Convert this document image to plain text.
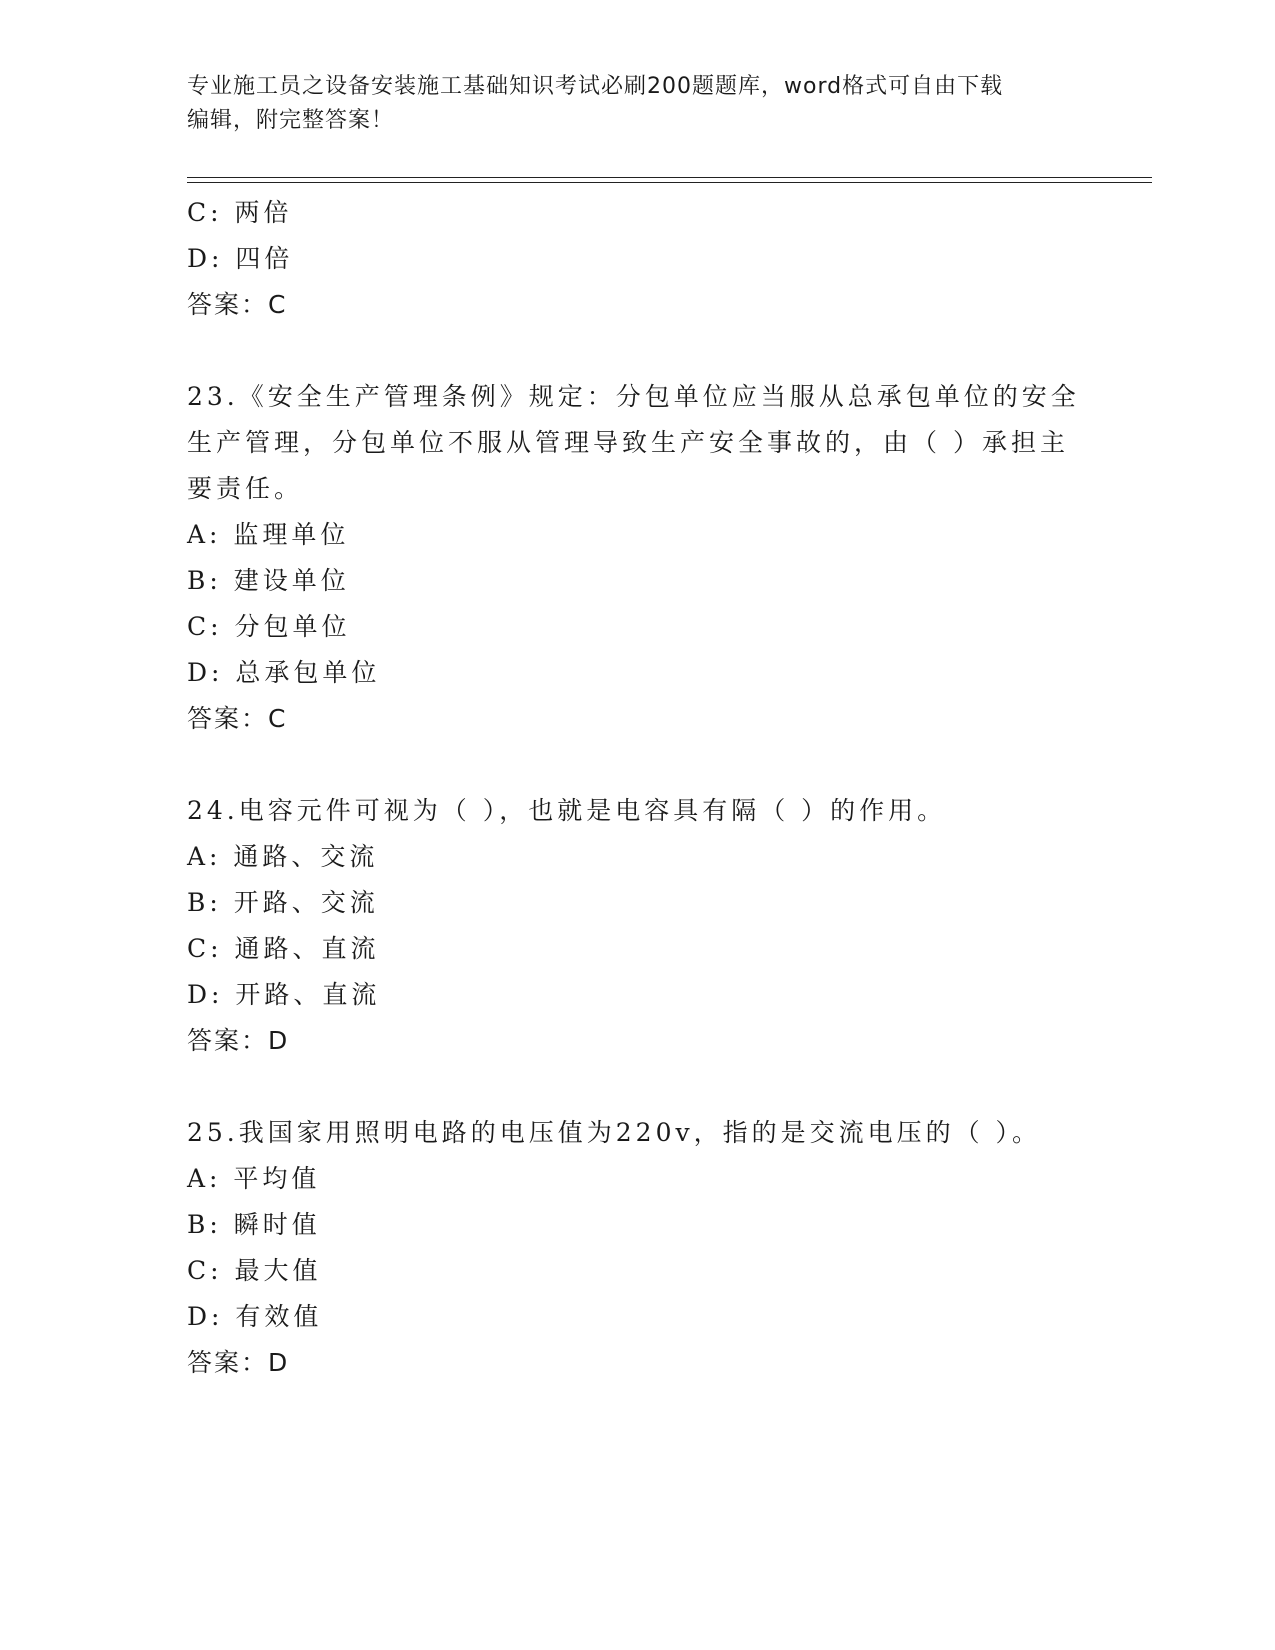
专业施工员之设备安装施工基础知识考试必刷200题题库，word格式可自由下载
编辑，附完整答案！
C: 两倍
D: 四倍
答案：C
23.《安全生产管理条例》规定：分包单位应当服从总承包单位的安全
生产管理，分包单位不服从管理导致生产安全事故的，由（ ）承担主
要责任。
A: 监理单位
B: 建设单位
C: 分包单位
D: 总承包单位
答案：C
24.电容元件可视为（ ），也就是电容具有隔（ ）的作用。
A: 通路、交流
B: 开路、交流
C: 通路、直流
D: 开路、直流
答案：D
25.我国家用照明电路的电压值为220v，指的是交流电压的（ ）。
A: 平均值
B: 瞬时值
C: 最大值
D: 有效值
答案：D
